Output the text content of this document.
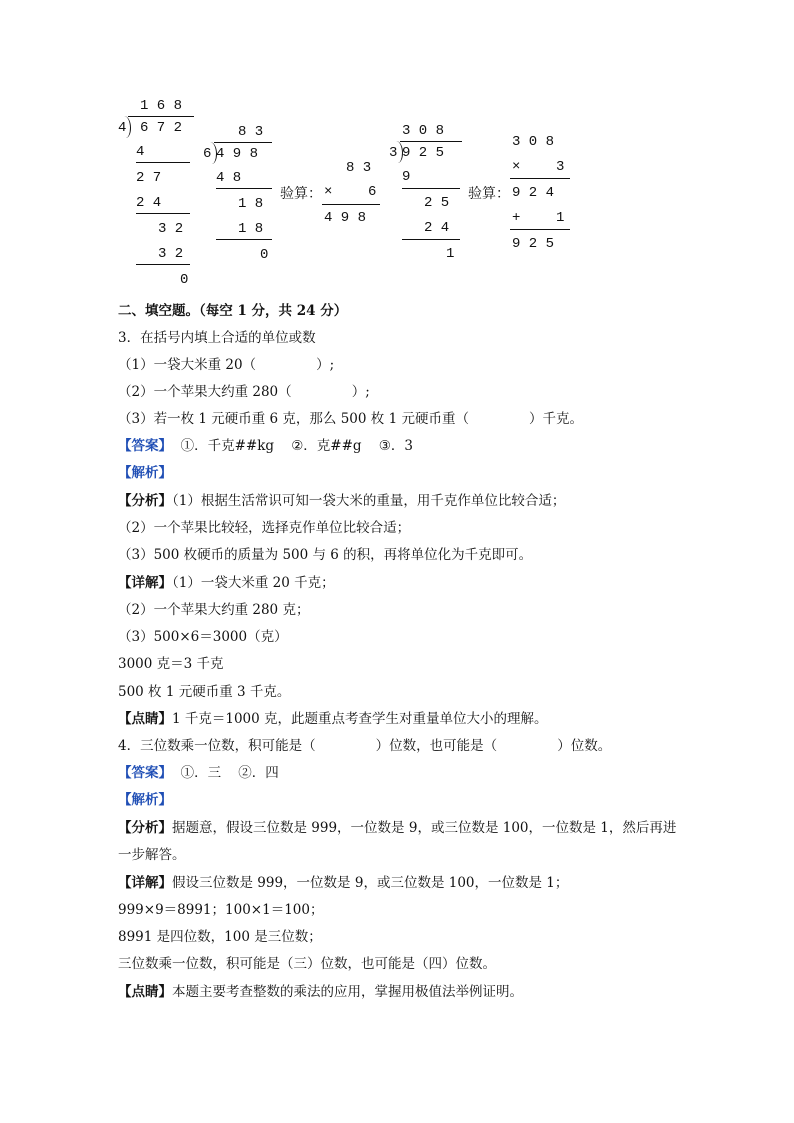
1 6 8
4 6 7 2
4
2 7
2 4
3 2
3 2
0
8 3
6 4 9 8
4 8
1 8
1 8
0
验算：
8 3
×	6
4 9 8
3 0 8
3 9 2 5
9
2 5
2 4
1
验算：
3 0 8
×	3
9 2 4
+	1
9 2 5
二、填空题。（每空 1 分，共 24 分）
3．在括号内填上合适的单位或数
（1）一袋大米重 20（              ）;
（2）一个苹果大约重 280（              ）;
（3）若一枚 1 元硬币重 6 克，那么 500 枚 1 元硬币重（              ）千克。
【答案】  ①．千克##kg    ②．克##g    ③．3
【解析】
【分析】（1）根据生活常识可知一袋大米的重量，用千克作单位比较合适；
（2）一个苹果比较轻，选择克作单位比较合适；
（3）500 枚硬币的质量为 500 与 6 的积，再将单位化为千克即可。
【详解】（1）一袋大米重 20 千克；
（2）一个苹果大约重 280 克；
（3）500×6＝3000（克）
3000 克＝3 千克
500 枚 1 元硬币重 3 千克。
【点睛】1 千克＝1000 克，此题重点考查学生对重量单位大小的理解。
4．三位数乘一位数，积可能是（              ）位数，也可能是（              ）位数。
【答案】  ①．三    ②．四
【解析】
【分析】据题意，假设三位数是 999，一位数是 9，或三位数是 100，一位数是 1，然后再进
一步解答。
【详解】假设三位数是 999，一位数是 9，或三位数是 100，一位数是 1；
999×9＝8991；100×1＝100；
8991 是四位数，100 是三位数；
三位数乘一位数，积可能是（三）位数，也可能是（四）位数。
【点睛】本题主要考查整数的乘法的应用，掌握用极值法举例证明。
